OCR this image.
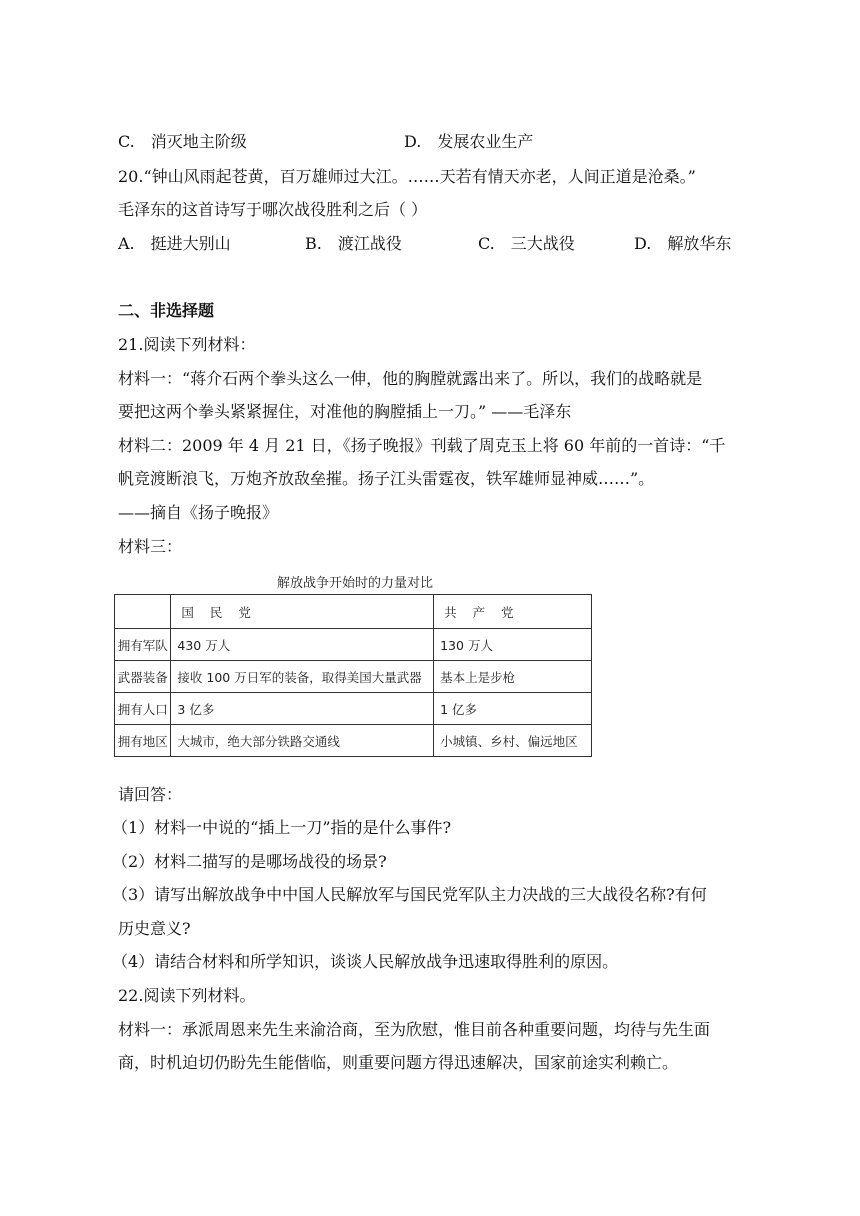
C.　消灭地主阶级	D.　发展农业生产
20.“钟山风雨起苍黄，百万雄师过大江。……天若有情天亦老，人间正道是沧桑。”
毛泽东的这首诗写于哪次战役胜利之后（ ）
A.　挺进大别山	B.　渡江战役	C.　三大战役	D.　解放华东
二、非选择题
21.阅读下列材料：
材料一：“蒋介石两个拳头这么一伸，他的胸膛就露出来了。所以，我们的战略就是
要把这两个拳头紧紧握住，对准他的胸膛插上一刀。” ——毛泽东
材料二：2009 年 4 月 21 日，《扬子晚报》刊载了周克玉上将 60 年前的一首诗：“千
帆竞渡断浪飞，万炮齐放敌垒摧。扬子江头雷霆夜，铁军雄师显神威……”。
——摘自《扬子晚报》
材料三：
解放战争开始时的力量对比
	国 民 党	共 产 党
拥有军队	430 万人	130 万人
武器装备	接收 100 万日军的装备，取得美国大量武器	基本上是步枪
拥有人口	3 亿多	1 亿多
拥有地区	大城市，绝大部分铁路交通线	小城镇、乡村、偏远地区
请回答：
（1）材料一中说的“插上一刀”指的是什么事件?
（2）材料二描写的是哪场战役的场景?
（3）请写出解放战争中中国人民解放军与国民党军队主力决战的三大战役名称?有何
历史意义?
（4）请结合材料和所学知识，谈谈人民解放战争迅速取得胜利的原因。
22.阅读下列材料。
材料一：承派周恩来先生来渝洽商，至为欣慰，惟目前各种重要问题，均待与先生面
商，时机迫切仍盼先生能偕临，则重要问题方得迅速解决，国家前途实利赖亡。
